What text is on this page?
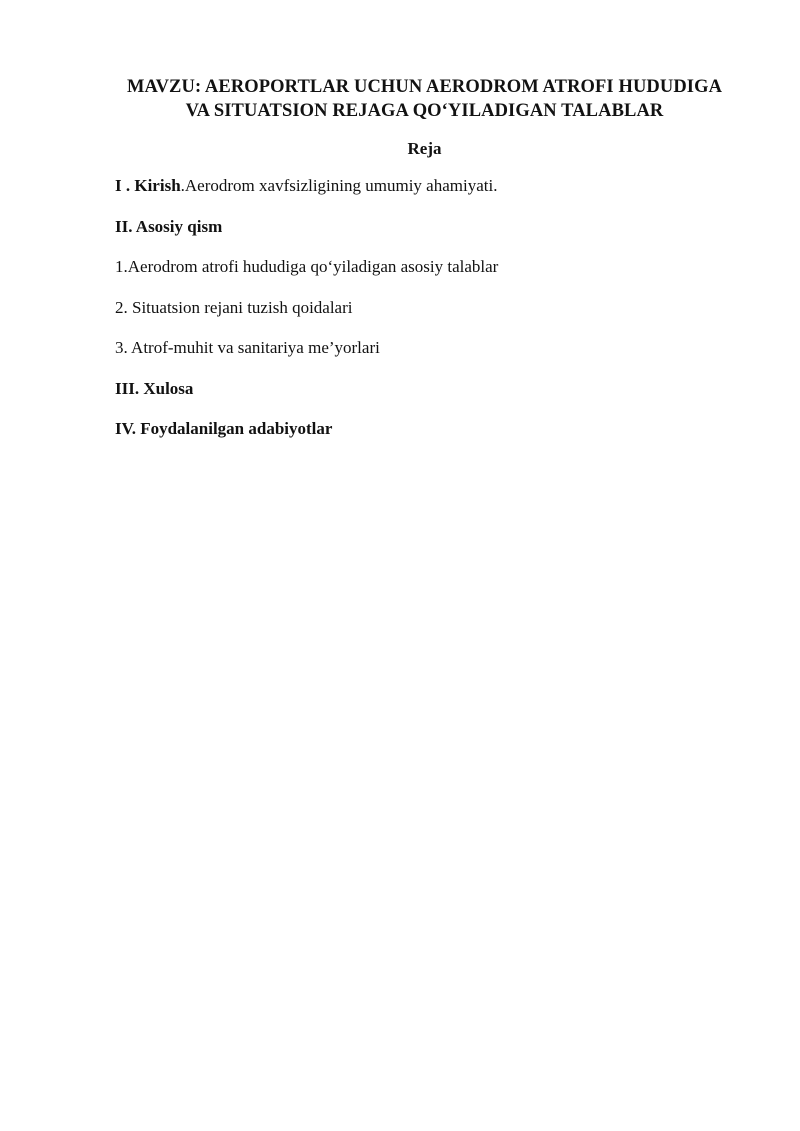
MAVZU: AEROPORTLAR UCHUN AERODROM ATROFI HUDUDIGA VA SITUATSION REJAGA QO‘YILADIGAN TALABLAR
Reja

I . Kirish.Aerodrom xavfsizligining umumiy ahamiyati.

II. Asosiy qism

1.Aerodrom atrofi hududiga qo‘yiladigan asosiy talablar

2. Situatsion rejani tuzish qoidalari

3. Atrof-muhit va sanitariya me’yorlari

III. Xulosa

IV. Foydalanilgan adabiyotlar
